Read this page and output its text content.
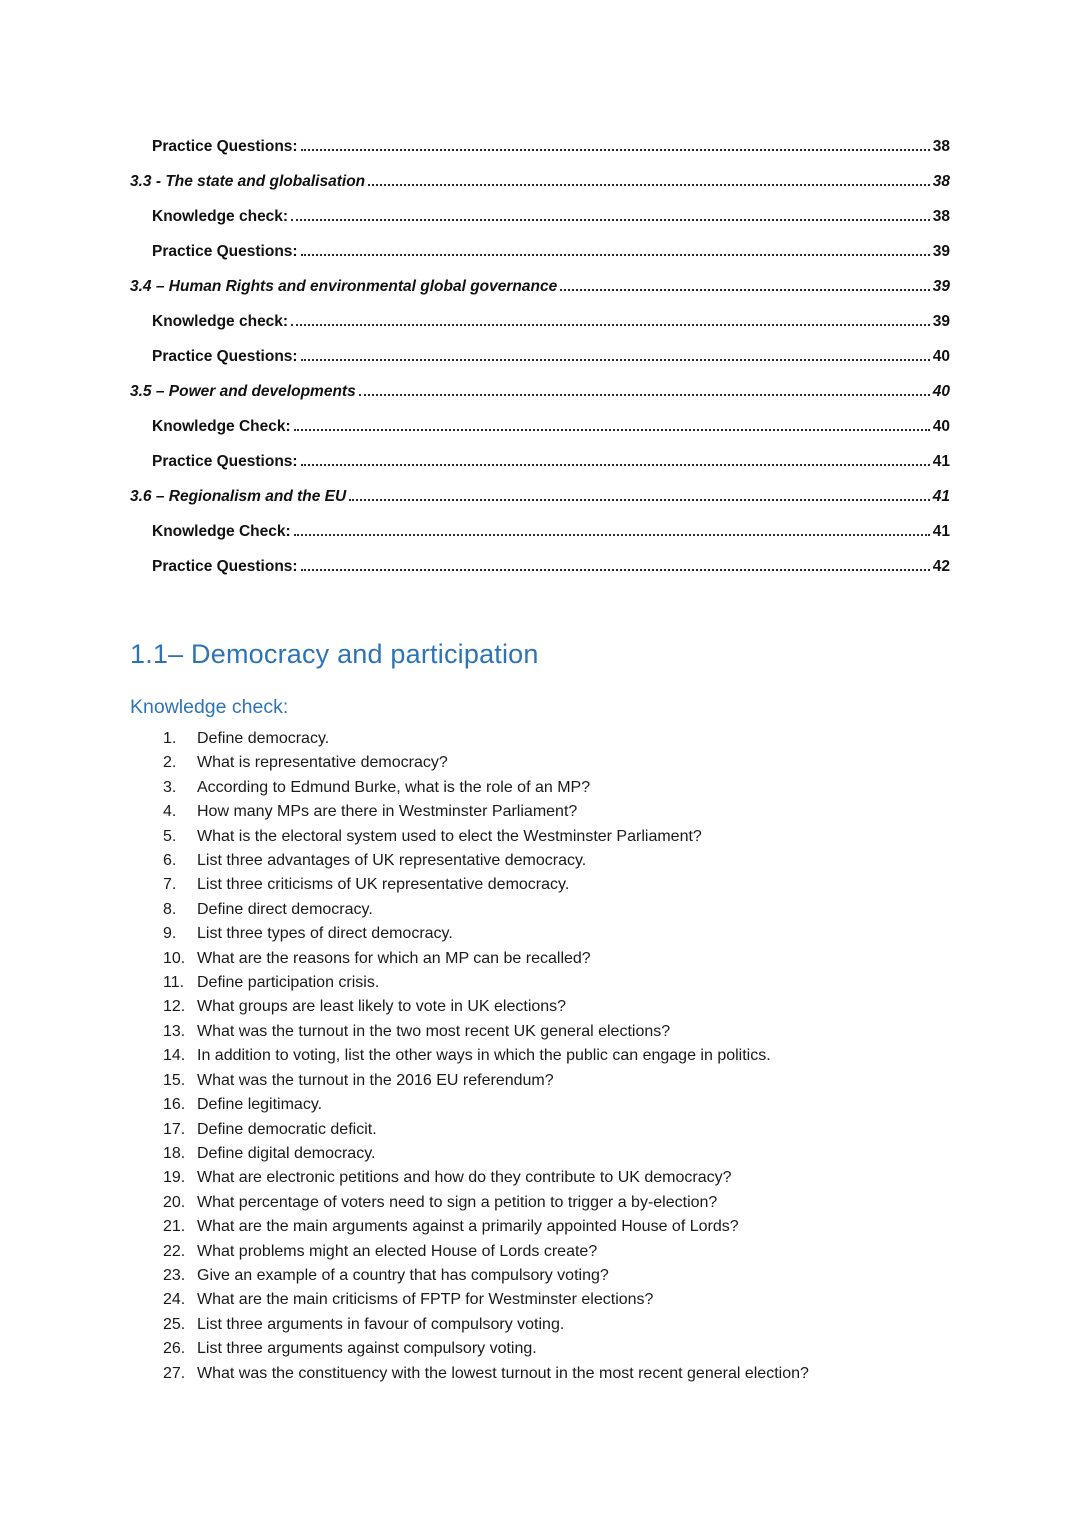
Practice Questions:	38
3.3 - The state and globalisation	38
Knowledge check:	38
Practice Questions:	39
3.4 – Human Rights and environmental global governance	39
Knowledge check:	39
Practice Questions:	40
3.5 – Power and developments	40
Knowledge Check:	40
Practice Questions:	41
3.6 – Regionalism and the EU	41
Knowledge Check:	41
Practice Questions:	42
1.1– Democracy and participation
Knowledge check:
1.	Define democracy.
2.	What is representative democracy?
3.	According to Edmund Burke, what is the role of an MP?
4.	How many MPs are there in Westminster Parliament?
5.	What is the electoral system used to elect the Westminster Parliament?
6.	List three advantages of UK representative democracy.
7.	List three criticisms of UK representative democracy.
8.	Define direct democracy.
9.	List three types of direct democracy.
10. What are the reasons for which an MP can be recalled?
11. Define participation crisis.
12. What groups are least likely to vote in UK elections?
13. What was the turnout in the two most recent UK general elections?
14. In addition to voting, list the other ways in which the public can engage in politics.
15. What was the turnout in the 2016 EU referendum?
16. Define legitimacy.
17. Define democratic deficit.
18. Define digital democracy.
19. What are electronic petitions and how do they contribute to UK democracy?
20. What percentage of voters need to sign a petition to trigger a by-election?
21. What are the main arguments against a primarily appointed House of Lords?
22. What problems might an elected House of Lords create?
23. Give an example of a country that has compulsory voting?
24. What are the main criticisms of FPTP for Westminster elections?
25. List three arguments in favour of compulsory voting.
26. List three arguments against compulsory voting.
27. What was the constituency with the lowest turnout in the most recent general election?
